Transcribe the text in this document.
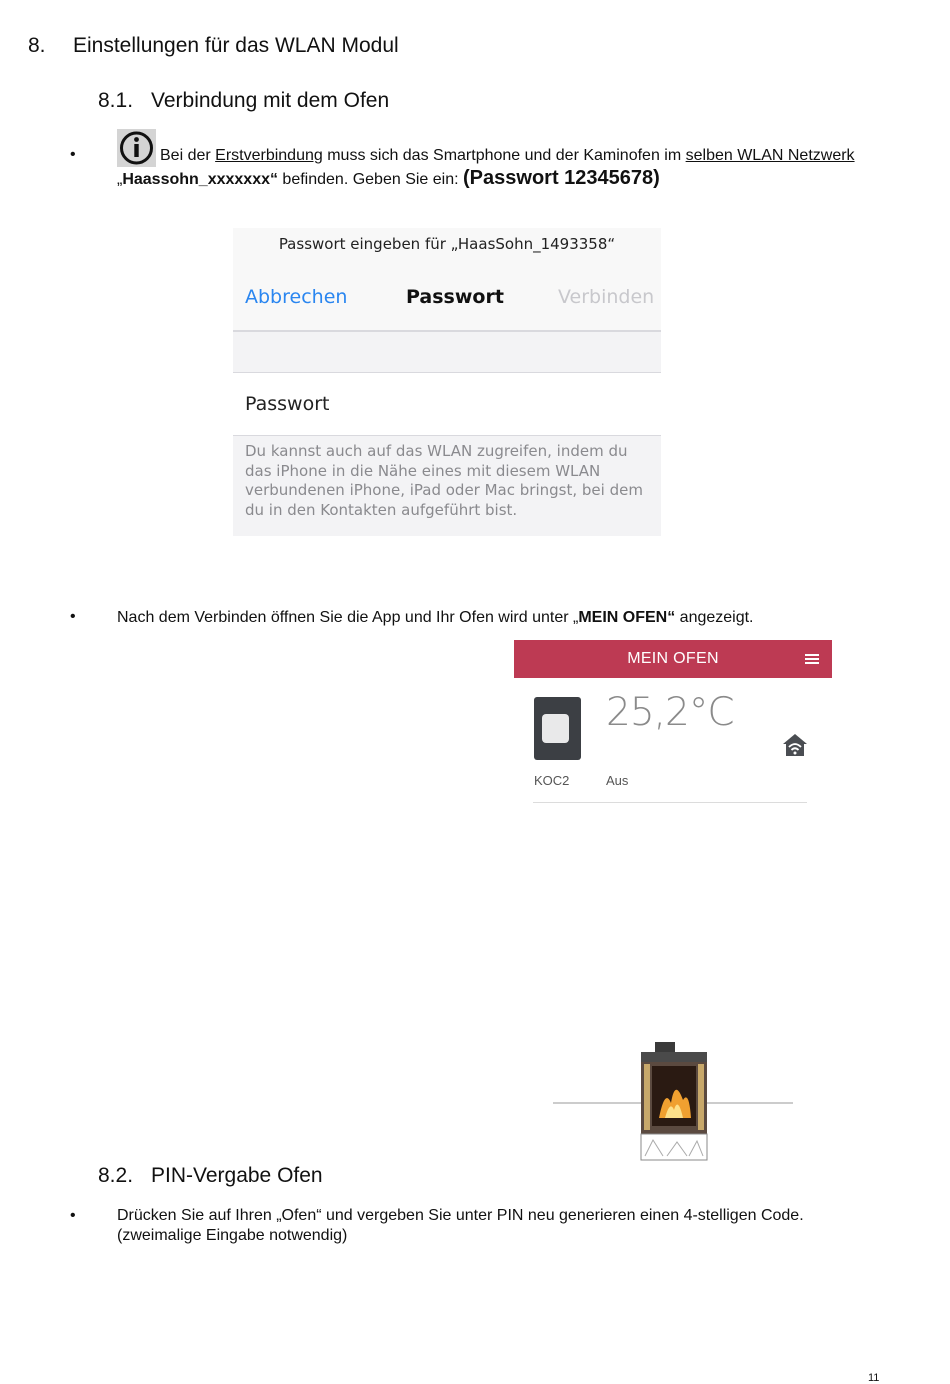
8. Einstellungen für das WLAN Modul
8.1. Verbindung mit dem Ofen
•	Bei der Erstverbindung muss sich das Smartphone und der Kaminofen im selben WLAN Netzwerk
„Haassohn_xxxxxxx“ befinden. Geben Sie ein: (Passwort 12345678)
Passwort eingeben für „HaasSohn_1493358“
Abbrechen	Passwort	Verbinden
Passwort
Du kannst auch auf das WLAN zugreifen, indem du das iPhone in die Nähe eines mit diesem WLAN verbundenen iPhone, iPad oder Mac bringst, bei dem du in den Kontakten aufgeführt bist.
•	Nach dem Verbinden öffnen Sie die App und Ihr Ofen wird unter „MEIN OFEN“ angezeigt.
MEIN OFEN
25,2°C
KOC2	Aus
8.2. PIN-Vergabe Ofen
•	Drücken Sie auf Ihren „Ofen“ und vergeben Sie unter PIN neu generieren einen 4-stelligen Code.
(zweimalige Eingabe notwendig)
11
